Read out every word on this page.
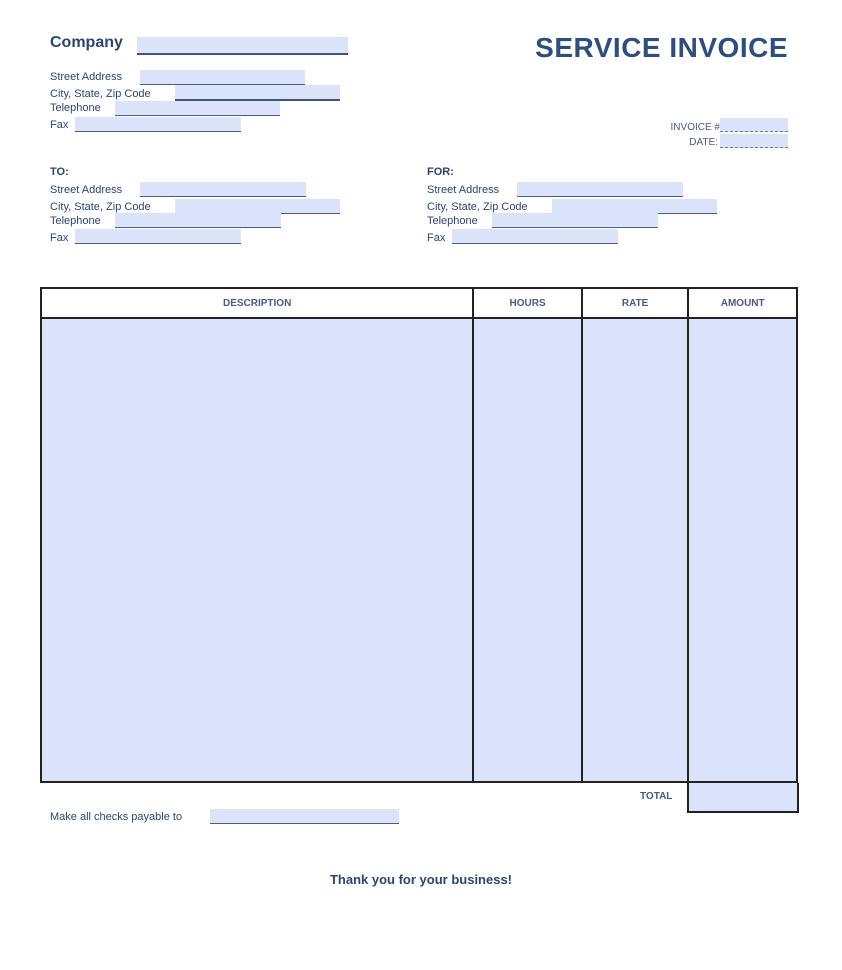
Company	SERVICE INVOICE
Street Address
City, State, Zip Code
Telephone
Fax	INVOICE #
DATE:
TO:
Street Address
City, State, Zip Code
Telephone
Fax
FOR:
Street Address
City, State, Zip Code
Telephone
Fax
DESCRIPTION	HOURS	RATE	AMOUNT

TOTAL
Make all checks payable to
Thank you for your business!
